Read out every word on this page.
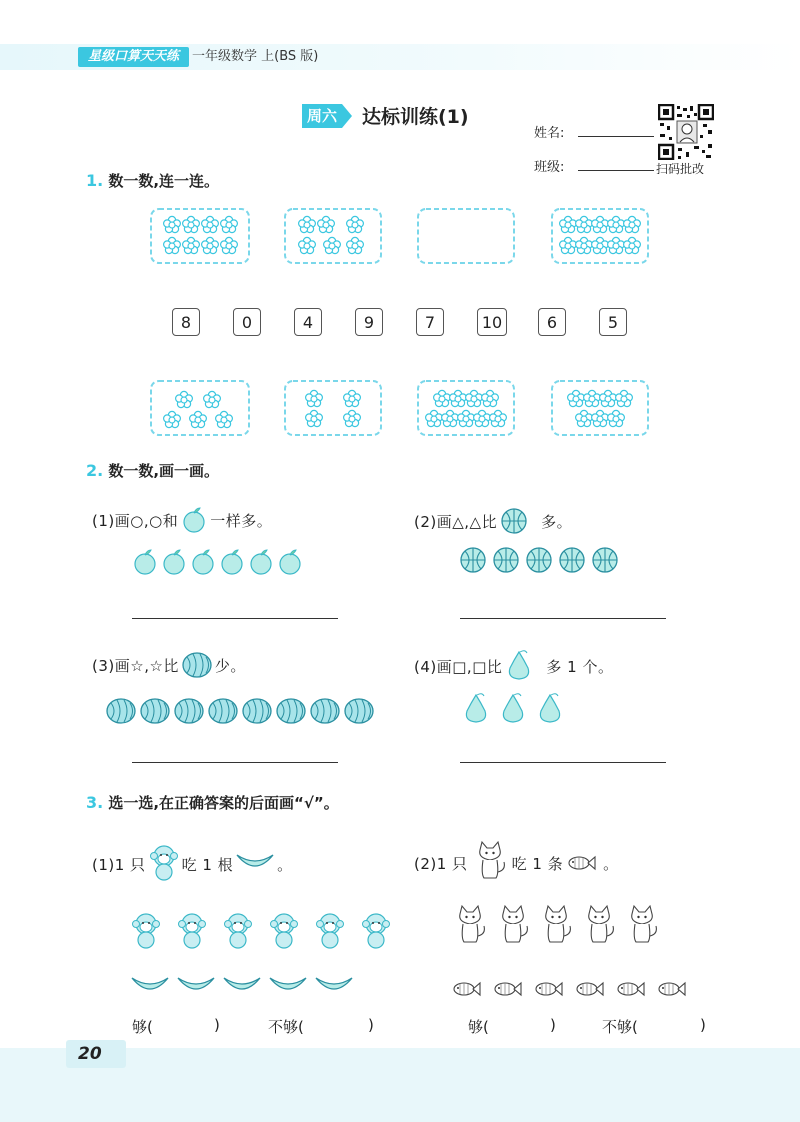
星级口算天天练 一年级数学 上(BS 版)
周六 达标训练(1)
姓名:
班级:	扫码批改
1. 数一数,连一连。
8	0	4	9	7	10	6	5
2. 数一数,画一画。
(1)画○,○和 一样多。	(2)画△,△比	多。
(3)画☆,☆比 少。	(4)画□,□比	多 1 个。
3. 选一选,在正确答案的后面画“√”。
(1)1 只 吃 1 根	。
够(	)	不够(	)
(2)1 只	吃 1 条	。
够(	)	不够(	)
20
